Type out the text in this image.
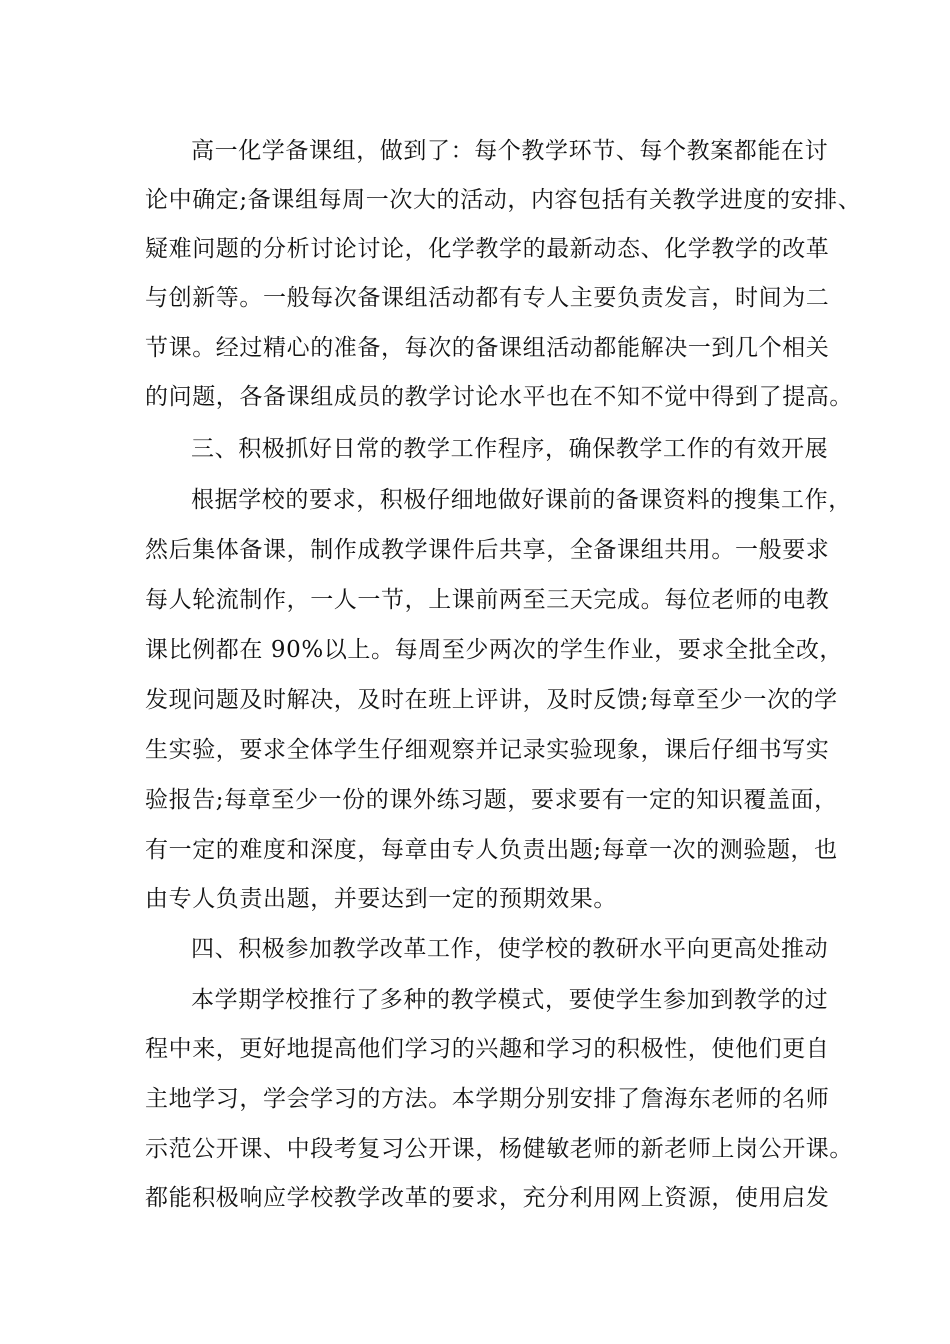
高一化学备课组，做到了：每个教学环节、每个教案都能在讨
论中确定;备课组每周一次大的活动，内容包括有关教学进度的安排、
疑难问题的分析讨论讨论，化学教学的最新动态、化学教学的改革
与创新等。一般每次备课组活动都有专人主要负责发言，时间为二
节课。经过精心的准备，每次的备课组活动都能解决一到几个相关
的问题，各备课组成员的教学讨论水平也在不知不觉中得到了提高。
三、积极抓好日常的教学工作程序，确保教学工作的有效开展
根据学校的要求，积极仔细地做好课前的备课资料的搜集工作，
然后集体备课，制作成教学课件后共享，全备课组共用。一般要求
每人轮流制作，一人一节，上课前两至三天完成。每位老师的电教
课比例都在 90%以上。每周至少两次的学生作业，要求全批全改，
发现问题及时解决，及时在班上评讲，及时反馈;每章至少一次的学
生实验，要求全体学生仔细观察并记录实验现象，课后仔细书写实
验报告;每章至少一份的课外练习题，要求要有一定的知识覆盖面，
有一定的难度和深度，每章由专人负责出题;每章一次的测验题，也
由专人负责出题，并要达到一定的预期效果。
四、积极参加教学改革工作，使学校的教研水平向更高处推动
本学期学校推行了多种的教学模式，要使学生参加到教学的过
程中来，更好地提高他们学习的兴趣和学习的积极性，使他们更自
主地学习，学会学习的方法。本学期分别安排了詹海东老师的名师
示范公开课、中段考复习公开课，杨健敏老师的新老师上岗公开课。
都能积极响应学校教学改革的要求，充分利用网上资源，使用启发
